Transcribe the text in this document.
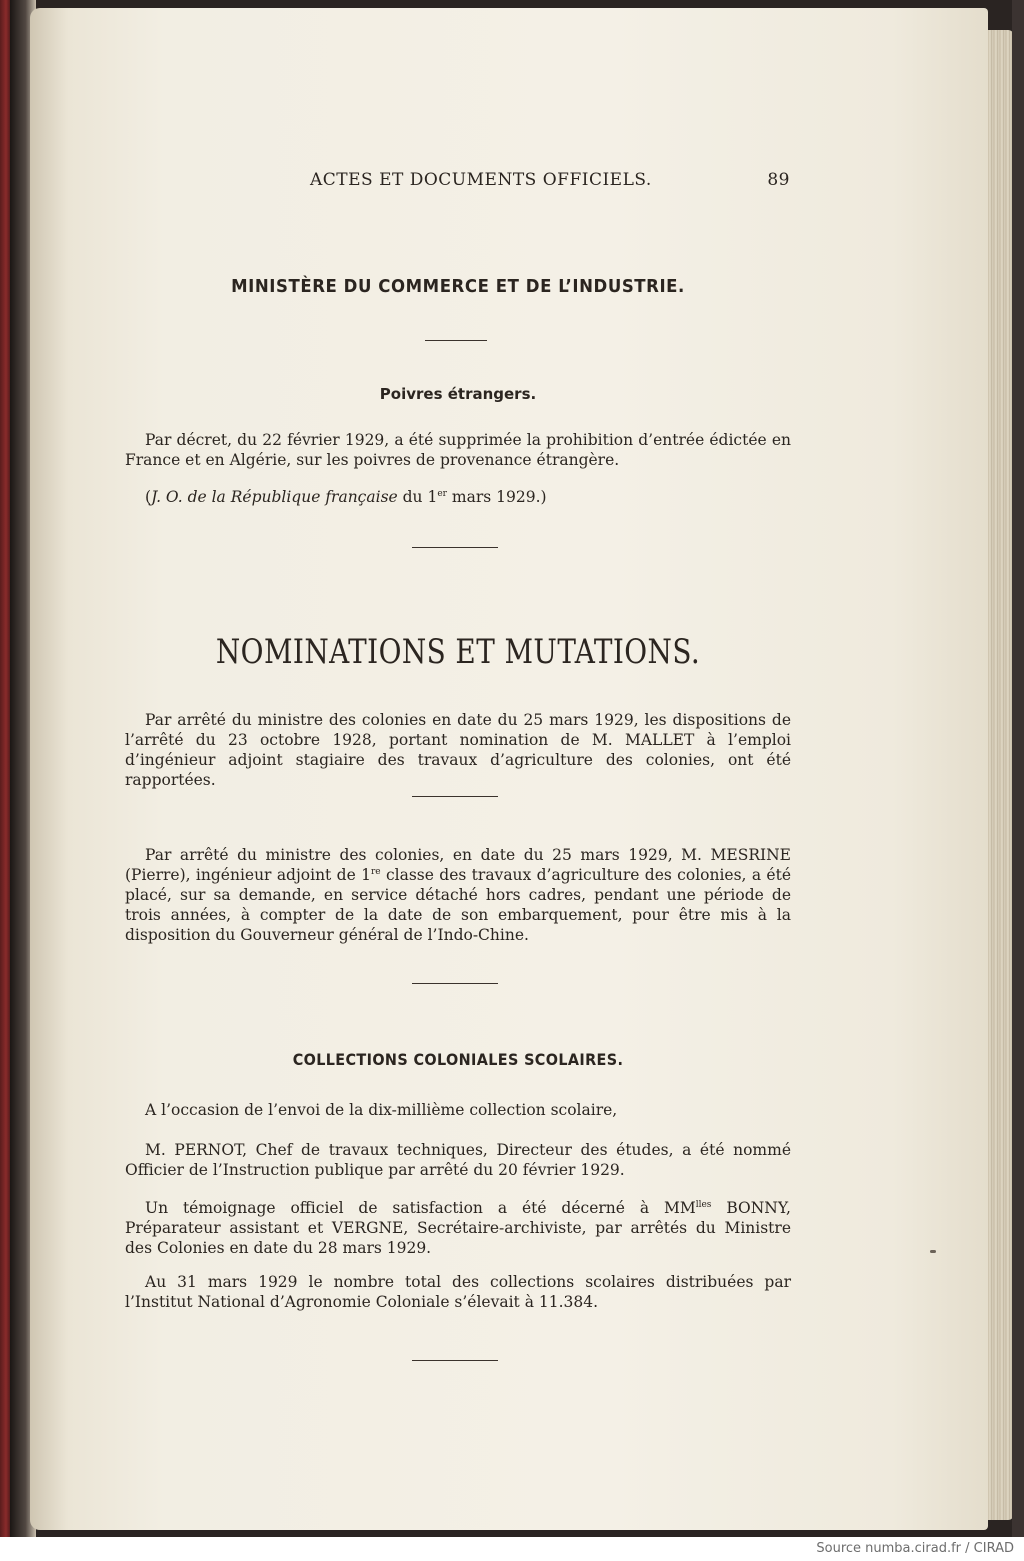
ACTES ET DOCUMENTS OFFICIELS.	89
MINISTÈRE DU COMMERCE ET DE L’INDUSTRIE.
Poivres étrangers.
Par décret, du 22 février 1929, a été supprimée la prohibition d’entrée édictée en France et en Algérie, sur les poivres de provenance étrangère.
(J. O. de la République française du 1er mars 1929.)
NOMINATIONS ET MUTATIONS.
Par arrêté du ministre des colonies en date du 25 mars 1929, les dispositions de l’arrêté du 23 octobre 1928, portant nomination de M. MALLET à l’emploi d’ingénieur adjoint stagiaire des travaux d’agriculture des colonies, ont été rapportées.
Par arrêté du ministre des colonies, en date du 25 mars 1929, M. MESRINE (Pierre), ingénieur adjoint de 1re classe des travaux d’agriculture des colonies, a été placé, sur sa demande, en service détaché hors cadres, pendant une période de trois années, à compter de la date de son embarquement, pour être mis à la disposition du Gouverneur général de l’Indo-Chine.
COLLECTIONS COLONIALES SCOLAIRES.
A l’occasion de l’envoi de la dix-millième collection scolaire,
M. PERNOT, Chef de travaux techniques, Directeur des études, a été nommé Officier de l’Instruction publique par arrêté du 20 février 1929.
Un témoignage officiel de satisfaction a été décerné à $MM^{lles}$ BONNY, Préparateur assistant et VERGNE, Secrétaire-archiviste, par arrêtés du Ministre des Colonies en date du 28 mars 1929.
Au 31 mars 1929 le nombre total des collections scolaires distribuées par l’Institut National d’Agronomie Coloniale s’élevait à 11.384.
Source numba.cirad.fr / CIRAD
